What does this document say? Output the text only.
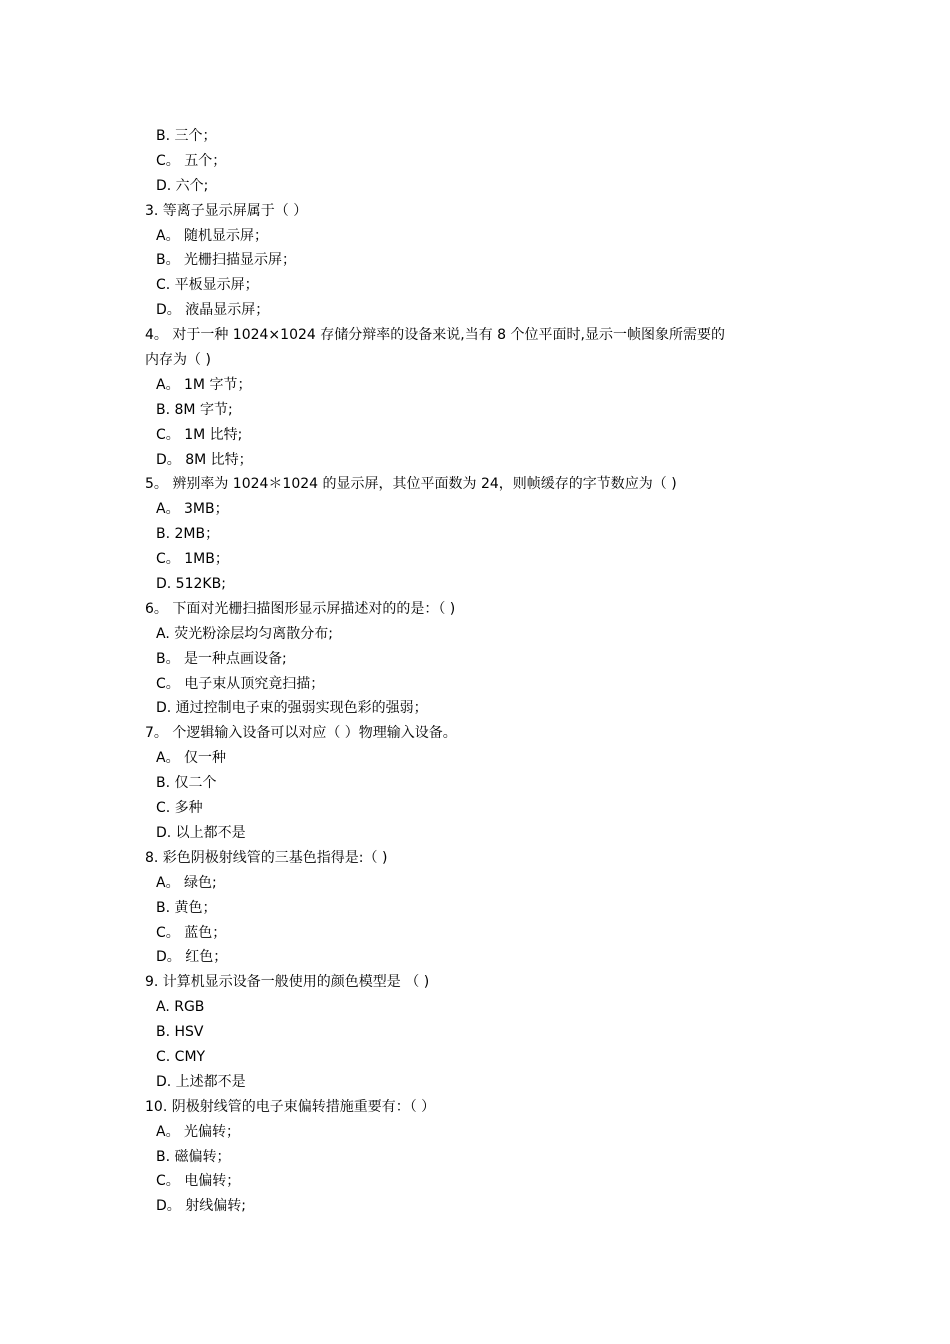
B. 三个；
C。 五个；
D. 六个;
3. 等离子显示屏属于（ ）
A。 随机显示屏；
B。 光栅扫描显示屏；
C. 平板显示屏；
D。 液晶显示屏；
4。 对于一种 1024×1024 存储分辩率的设备来说,当有 8 个位平面时,显示一帧图象所需要的
内存为（ )
A。 1M 字节；
B. 8M 字节;
C。 1M 比特;
D。 8M 比特；
5。 辨别率为 1024＊1024 的显示屏，其位平面数为 24，则帧缓存的字节数应为（ )
A。 3MB；
B. 2MB；
C。 1MB；
D. 512KB;
6。 下面对光栅扫描图形显示屏描述对的的是：（ )
A. 荧光粉涂层均匀离散分布;
B。 是一种点画设备;
C。 电子束从顶究竟扫描；
D. 通过控制电子束的强弱实现色彩的强弱；
7。 个逻辑输入设备可以对应（ ）物理输入设备。
A。 仅一种
B. 仅二个
C. 多种
D. 以上都不是
8. 彩色阴极射线管的三基色指得是:（ )
A。 绿色;
B. 黄色；
C。 蓝色；
D。 红色；
9. 计算机显示设备一般使用的颜色模型是 （ )
A. RGB
B. HSV
C. CMY
D. 上述都不是
10. 阴极射线管的电子束偏转措施重要有：（ ）
A。 光偏转；
B. 磁偏转；
C。 电偏转；
D。 射线偏转;
